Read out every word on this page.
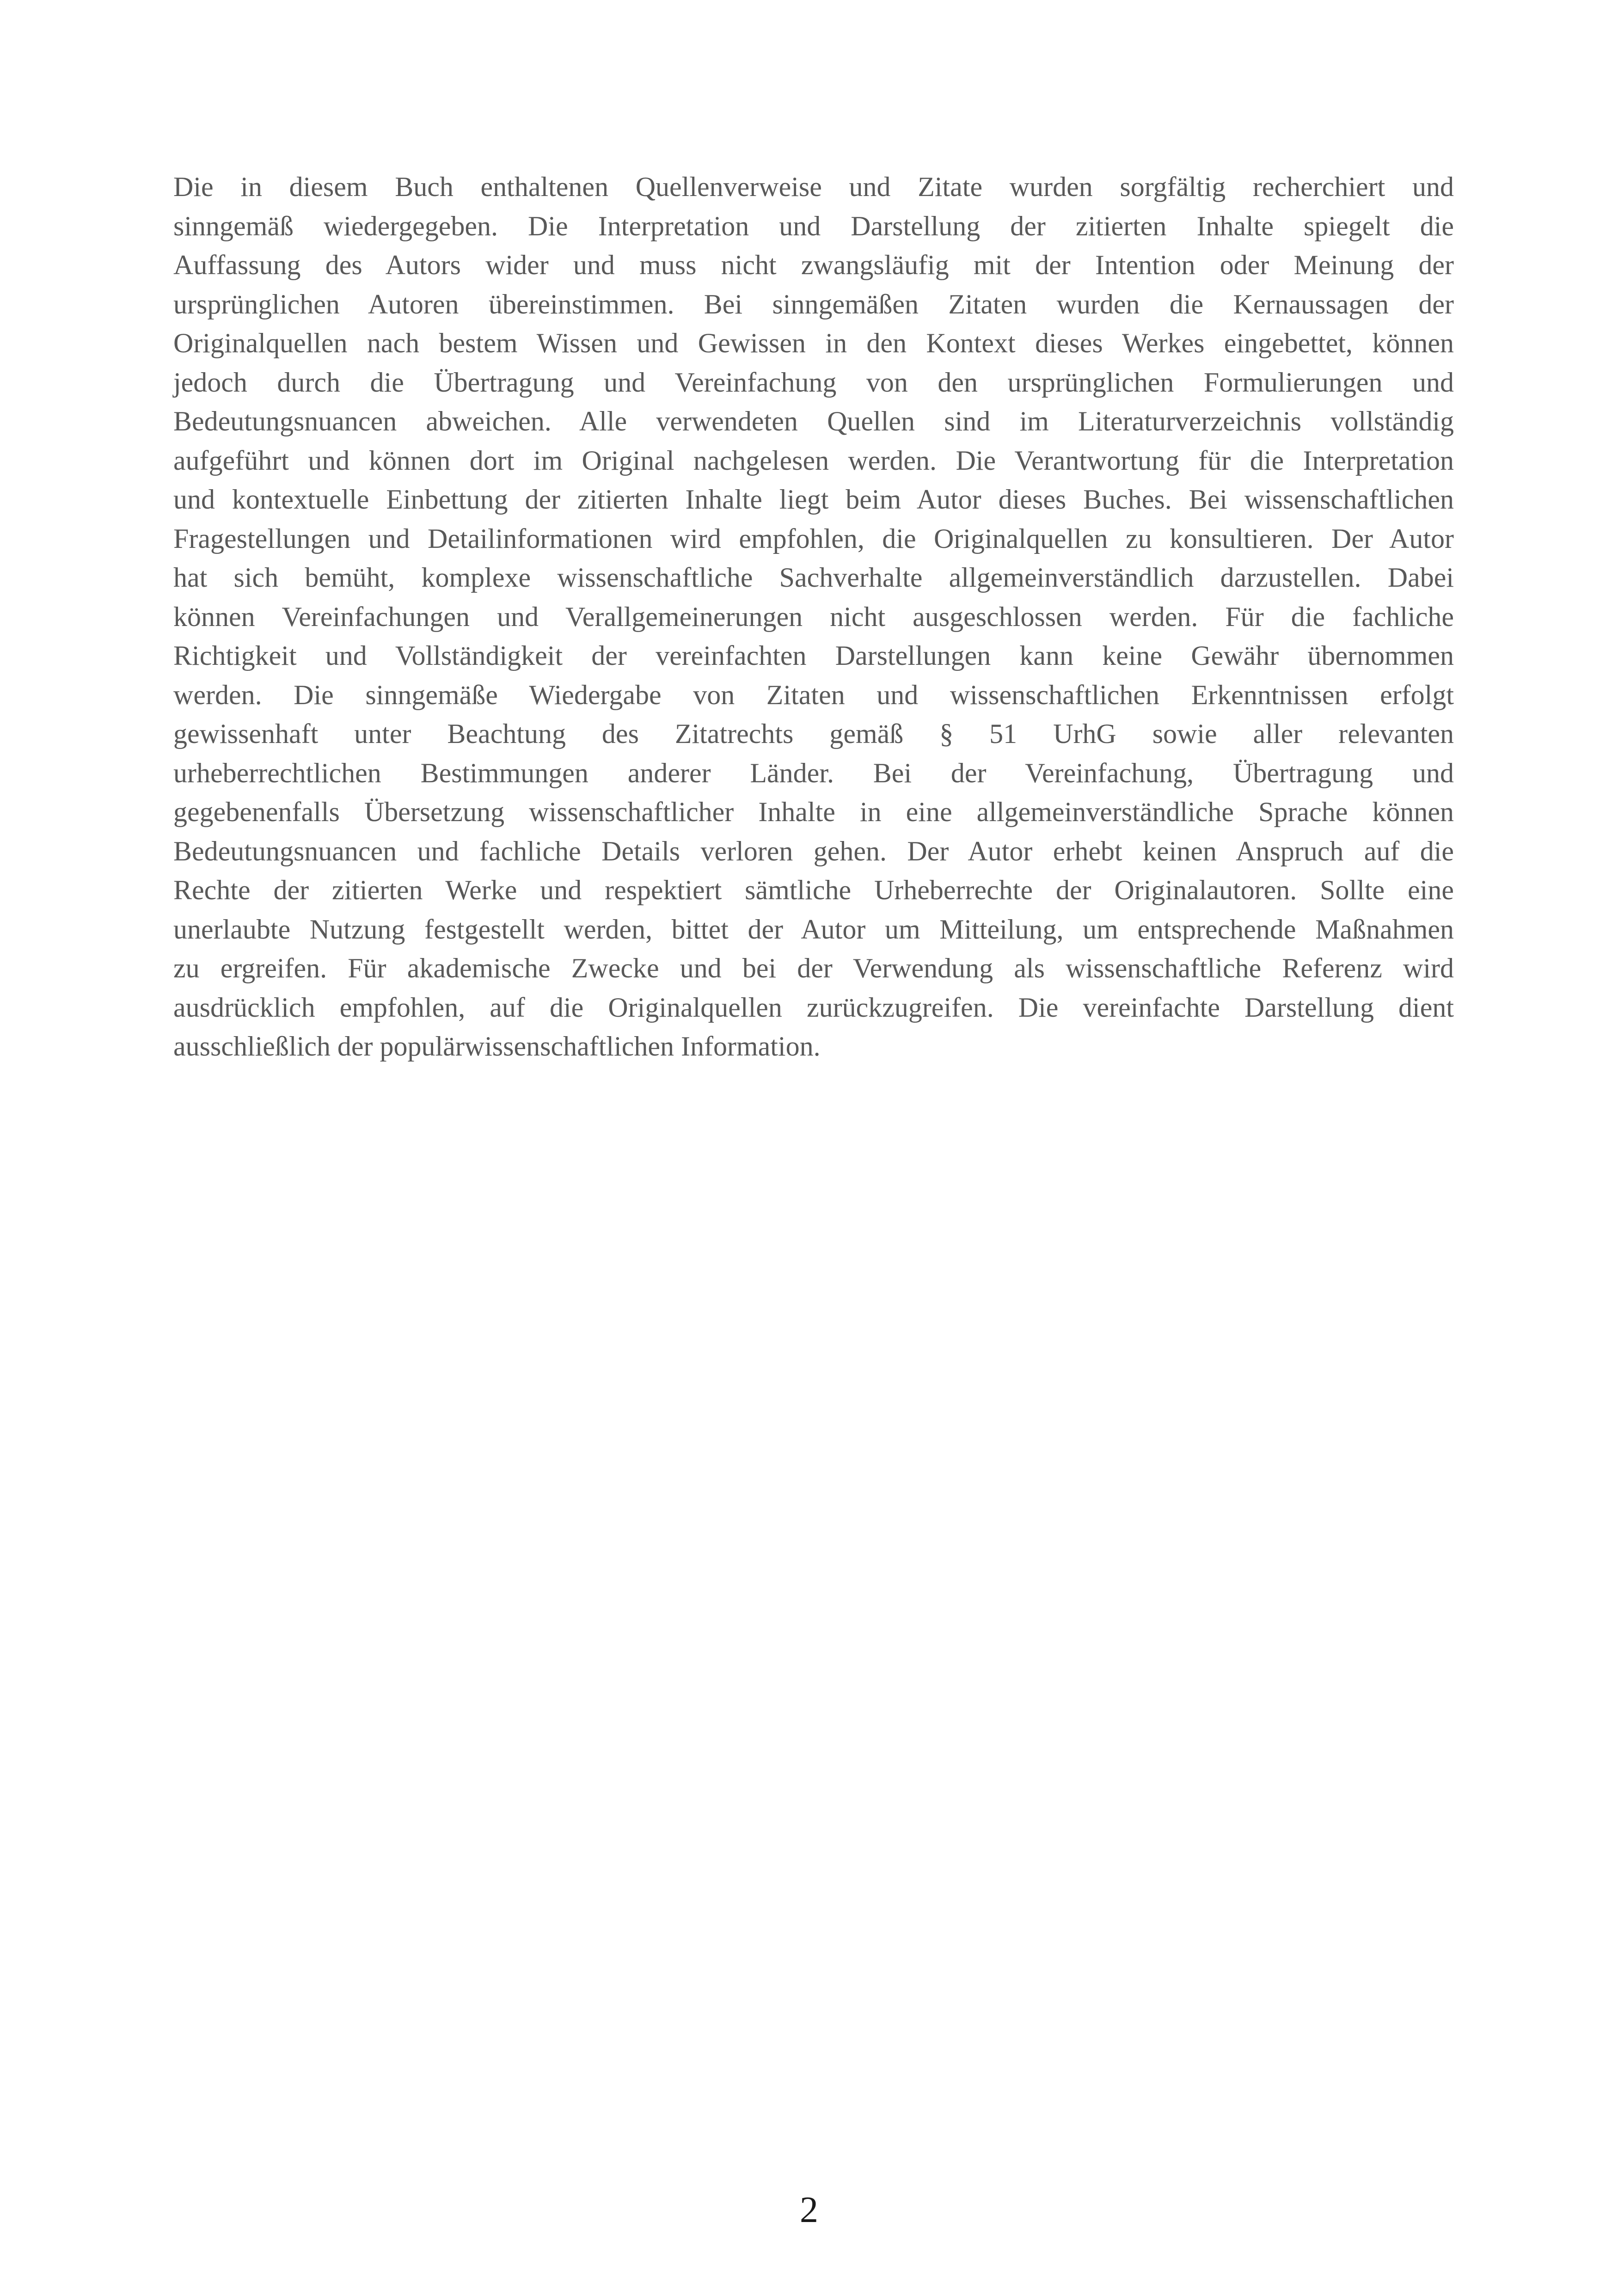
Die in diesem Buch enthaltenen Quellenverweise und Zitate wurden sorgfältig recherchiert und
sinngemäß wiedergegeben. Die Interpretation und Darstellung der zitierten Inhalte spiegelt die
Auffassung des Autors wider und muss nicht zwangsläufig mit der Intention oder Meinung der
ursprünglichen Autoren übereinstimmen. Bei sinngemäßen Zitaten wurden die Kernaussagen der
Originalquellen nach bestem Wissen und Gewissen in den Kontext dieses Werkes eingebettet, können
jedoch durch die Übertragung und Vereinfachung von den ursprünglichen Formulierungen und
Bedeutungsnuancen abweichen. Alle verwendeten Quellen sind im Literaturverzeichnis vollständig
aufgeführt und können dort im Original nachgelesen werden. Die Verantwortung für die Interpretation
und kontextuelle Einbettung der zitierten Inhalte liegt beim Autor dieses Buches. Bei wissenschaftlichen
Fragestellungen und Detailinformationen wird empfohlen, die Originalquellen zu konsultieren. Der Autor
hat sich bemüht, komplexe wissenschaftliche Sachverhalte allgemeinverständlich darzustellen. Dabei
können Vereinfachungen und Verallgemeinerungen nicht ausgeschlossen werden. Für die fachliche
Richtigkeit und Vollständigkeit der vereinfachten Darstellungen kann keine Gewähr übernommen
werden. Die sinngemäße Wiedergabe von Zitaten und wissenschaftlichen Erkenntnissen erfolgt
gewissenhaft unter Beachtung des Zitatrechts gemäß § 51 UrhG sowie aller relevanten
urheberrechtlichen Bestimmungen anderer Länder. Bei der Vereinfachung, Übertragung und
gegebenenfalls Übersetzung wissenschaftlicher Inhalte in eine allgemeinverständliche Sprache können
Bedeutungsnuancen und fachliche Details verloren gehen. Der Autor erhebt keinen Anspruch auf die
Rechte der zitierten Werke und respektiert sämtliche Urheberrechte der Originalautoren. Sollte eine
unerlaubte Nutzung festgestellt werden, bittet der Autor um Mitteilung, um entsprechende Maßnahmen
zu ergreifen. Für akademische Zwecke und bei der Verwendung als wissenschaftliche Referenz wird
ausdrücklich empfohlen, auf die Originalquellen zurückzugreifen. Die vereinfachte Darstellung dient
ausschließlich der populärwissenschaftlichen Information.
2
